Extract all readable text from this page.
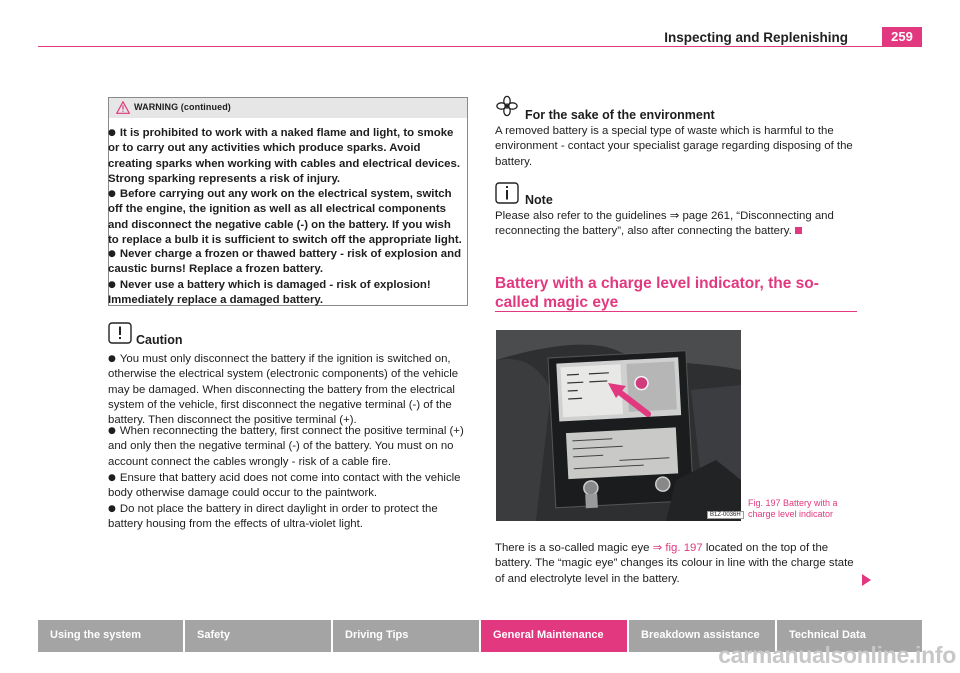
Inspecting and Replenishing	259
WARNING (continued)
● It is prohibited to work with a naked flame and light, to smoke or to carry out any activities which produce sparks. Avoid creating sparks when working with cables and electrical devices. Strong sparking represents a risk of injury.
● Before carrying out any work on the electrical system, switch off the engine, the ignition as well as all electrical components and disconnect the negative cable (-) on the battery. If you wish to replace a bulb it is sufficient to switch off the appropriate light.
● Never charge a frozen or thawed battery - risk of explosion and caustic burns! Replace a frozen battery.
● Never use a battery which is damaged - risk of explosion! Immediately replace a damaged battery.
Caution
● You must only disconnect the battery if the ignition is switched on, otherwise the electrical system (electronic components) of the vehicle may be damaged. When disconnecting the battery from the electrical system of the vehicle, first disconnect the negative terminal (-) of the battery. Then disconnect the positive terminal (+).
● When reconnecting the battery, first connect the positive terminal (+) and only then the negative terminal (-) of the battery. You must on no account connect the cables wrongly - risk of a cable fire.
● Ensure that battery acid does not come into contact with the vehicle body otherwise damage could occur to the paintwork.
● Do not place the battery in direct daylight in order to protect the battery housing from the effects of ultra-violet light.
For the sake of the environment
A removed battery is a special type of waste which is harmful to the environment - contact your specialist garage regarding disposing of the battery.
Note
Please also refer to the guidelines ⇒ page 261, “Disconnecting and reconnecting the battery”, also after connecting the battery.
Battery with a charge level indicator, the so-called magic eye
B1Z-0036H
Fig. 197 Battery with a charge level indicator
There is a so-called magic eye ⇒ fig. 197 located on the top of the battery. The “magic eye” changes its colour in line with the charge state of and electrolyte level in the battery.
Using the system	Safety	Driving Tips	General Maintenance	Breakdown assistance	Technical Data
carmanualsonline.info
